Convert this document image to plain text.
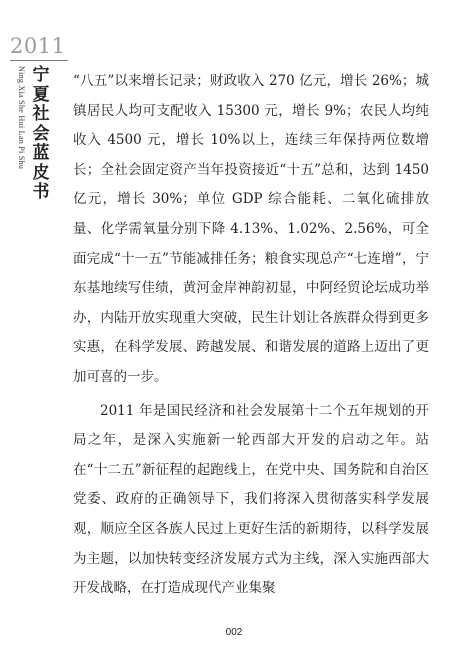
2011
Ning Xia She Hui Lan Pi Shu 宁
夏
社
会
蓝
皮
书

“八五”以来增长记录；财政收入 270 亿元，增长 26%；城镇居民人均可支配收入 15300 元，增长 9%；农民人均纯收入 4500 元，增长 10%以上，连续三年保持两位数增长；全社会固定资产当年投资接近“十五”总和，达到 1450 亿元，增长 30%；单位 GDP 综合能耗、二氧化硫排放量、化学需氧量分别下降 4.13%、1.02%、2.56%，可全面完成“十一五”节能减排任务；粮食实现总产“七连增”，宁东基地续写佳绩，黄河金岸神韵初显，中阿经贸论坛成功举办，内陆开放实现重大突破，民生计划让各族群众得到更多实惠，在科学发展、跨越发展、和谐发展的道路上迈出了更加可喜的一步。

2011 年是国民经济和社会发展第十二个五年规划的开局之年，是深入实施新一轮西部大开发的启动之年。站在“十二五”新征程的起跑线上，在党中央、国务院和自治区党委、政府的正确领导下，我们将深入贯彻落实科学发展观，顺应全区各族人民过上更好生活的新期待，以科学发展为主题，以加快转变经济发展方式为主线，深入实施西部大开发战略，在打造成现代产业集聚

002
